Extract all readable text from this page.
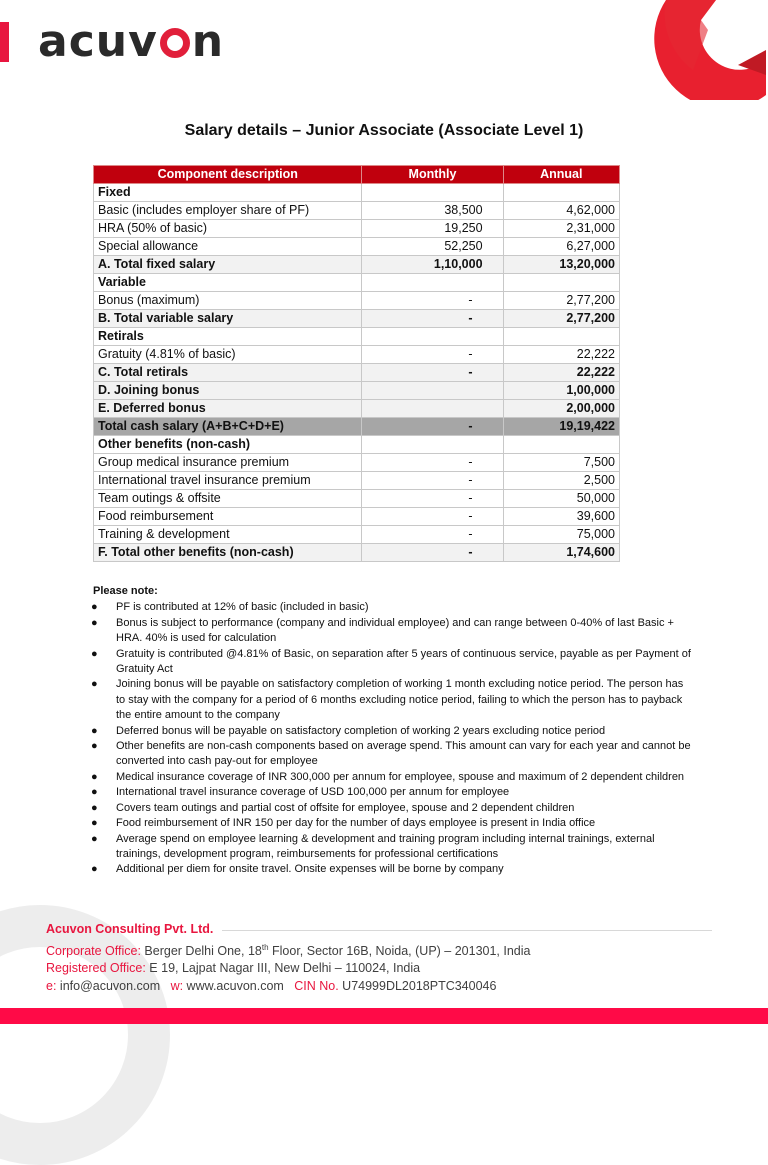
acuv n
Salary details – Junior Associate (Associate Level 1)
Component description	Monthly	Annual
Fixed		
Basic (includes employer share of PF)	38,500	4,62,000
HRA (50% of basic)	19,250	2,31,000
Special allowance	52,250	6,27,000
A. Total fixed salary	1,10,000	13,20,000
Variable		
Bonus (maximum)	-	2,77,200
B. Total variable salary	-	2,77,200
Retirals		
Gratuity (4.81% of basic)	-	22,222
C. Total retirals	-	22,222
D. Joining bonus		1,00,000
E. Deferred bonus		2,00,000
Total cash salary (A+B+C+D+E)	-	19,19,422
Other benefits (non-cash)		
Group medical insurance premium	-	7,500
International travel insurance premium	-	2,500
Team outings & offsite	-	50,000
Food reimbursement	-	39,600
Training & development	-	75,000
F. Total other benefits (non-cash)	-	1,74,600
Please note:
● PF is contributed at 12% of basic (included in basic)
● Bonus is subject to performance (company and individual employee) and can range between 0-40% of last Basic + HRA. 40% is used for calculation
● Gratuity is contributed @4.81% of Basic, on separation after 5 years of continuous service, payable as per Payment of Gratuity Act
● Joining bonus will be payable on satisfactory completion of working 1 month excluding notice period. The person has to stay with the company for a period of 6 months excluding notice period, failing to which the person has to payback the entire amount to the company
● Deferred bonus will be payable on satisfactory completion of working 2 years excluding notice period
● Other benefits are non-cash components based on average spend. This amount can vary for each year and cannot be converted into cash pay-out for employee
● Medical insurance coverage of INR 300,000 per annum for employee, spouse and maximum of 2 dependent children
● International travel insurance coverage of USD 100,000 per annum for employee
● Covers team outings and partial cost of offsite for employee, spouse and 2 dependent children
● Food reimbursement of INR 150 per day for the number of days employee is present in India office
● Average spend on employee learning & development and training program including internal trainings, external trainings, development program, reimbursements for professional certifications
● Additional per diem for onsite travel. Onsite expenses will be borne by company
Acuvon Consulting Pvt. Ltd.
Corporate Office: Berger Delhi One, 18th Floor, Sector 16B, Noida, (UP) – 201301, India
Registered Office: E 19, Lajpat Nagar III, New Delhi – 110024, India
e: info@acuvon.com w: www.acuvon.com CIN No. U74999DL2018PTC340046
